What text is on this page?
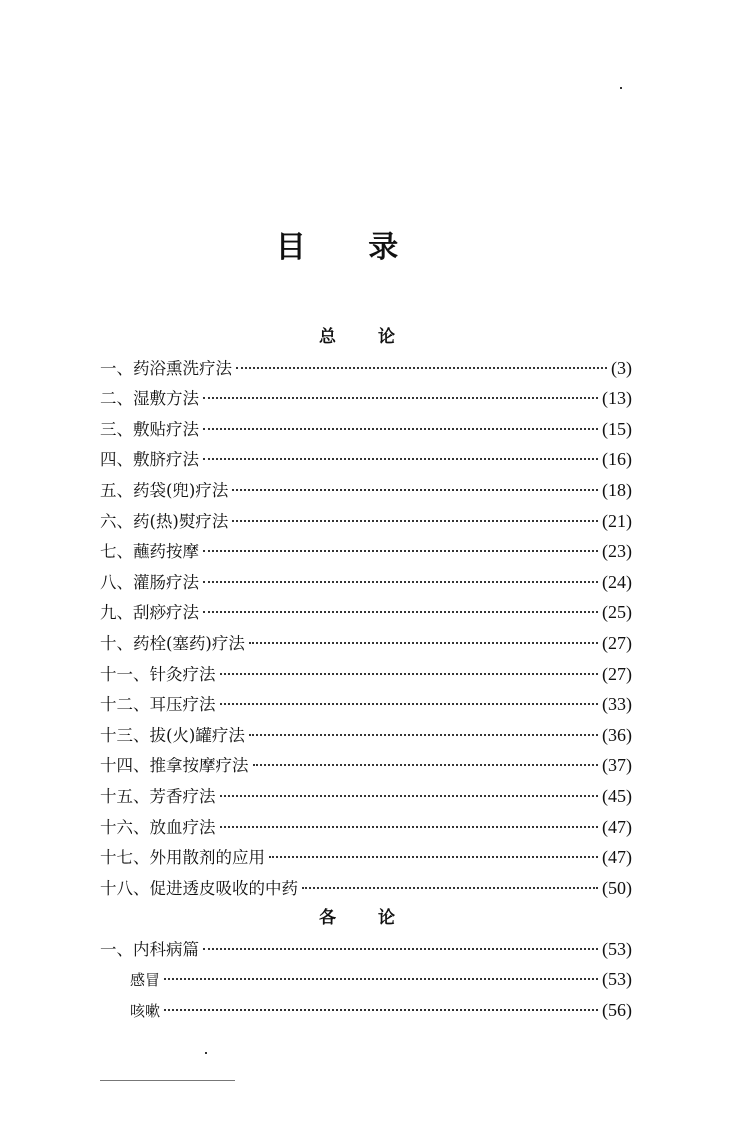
目 录
总 论
一、药浴熏洗疗法	(3)
二、湿敷方法	(13)
三、敷贴疗法	(15)
四、敷脐疗法	(16)
五、药袋(兜)疗法	(18)
六、药(热)熨疗法	(21)
七、蘸药按摩	(23)
八、灌肠疗法	(24)
九、刮痧疗法	(25)
十、药栓(塞药)疗法	(27)
十一、针灸疗法	(27)
十二、耳压疗法	(33)
十三、拔(火)罐疗法	(36)
十四、推拿按摩疗法	(37)
十五、芳香疗法	(45)
十六、放血疗法	(47)
十七、外用散剂的应用	(47)
十八、促进透皮吸收的中药	(50)
各 论
一、内科病篇	(53)
感冒	(53)
咳嗽	(56)
